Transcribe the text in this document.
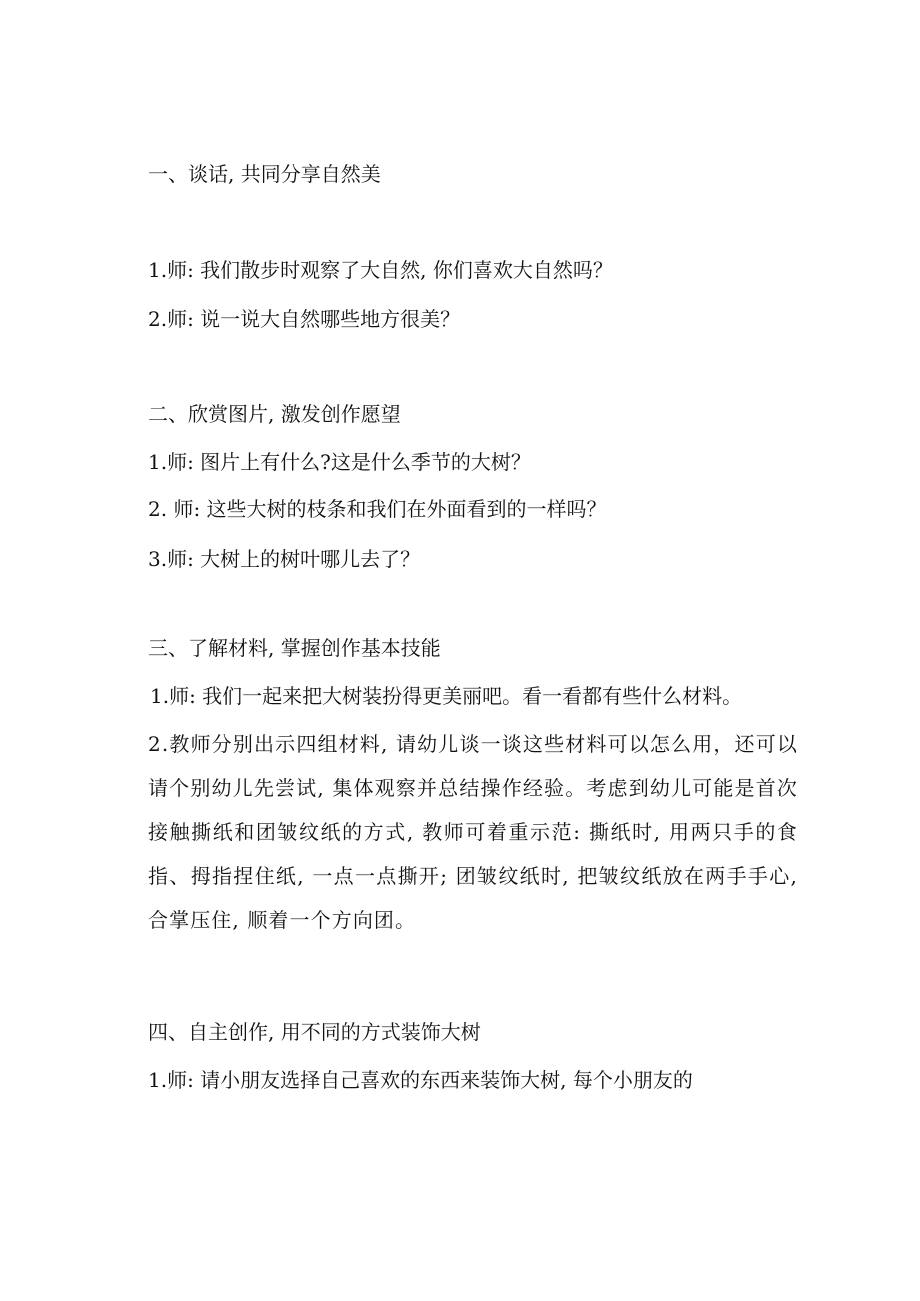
一、谈话, 共同分享自然美
1.师: 我们散步时观察了大自然, 你们喜欢大自然吗？
2.师: 说一说大自然哪些地方很美？
二、欣赏图片, 激发创作愿望
1.师: 图片上有什么?这是什么季节的大树？
2. 师: 这些大树的枝条和我们在外面看到的一样吗？
3.师: 大树上的树叶哪儿去了？
三、了解材料, 掌握创作基本技能
1.师: 我们一起来把大树装扮得更美丽吧。看一看都有些什么材料。
2.教师分别出示四组材料, 请幼儿谈一谈这些材料可以怎么用，还可以请个别幼儿先尝试, 集体观察并总结操作经验。考虑到幼儿可能是首次接触撕纸和团皱纹纸的方式, 教师可着重示范: 撕纸时, 用两只手的食指、拇指捏住纸, 一点一点撕开; 团皱纹纸时, 把皱纹纸放在两手手心, 合掌压住, 顺着一个方向团。
四、自主创作, 用不同的方式装饰大树
1.师: 请小朋友选择自己喜欢的东西来装饰大树, 每个小朋友的
